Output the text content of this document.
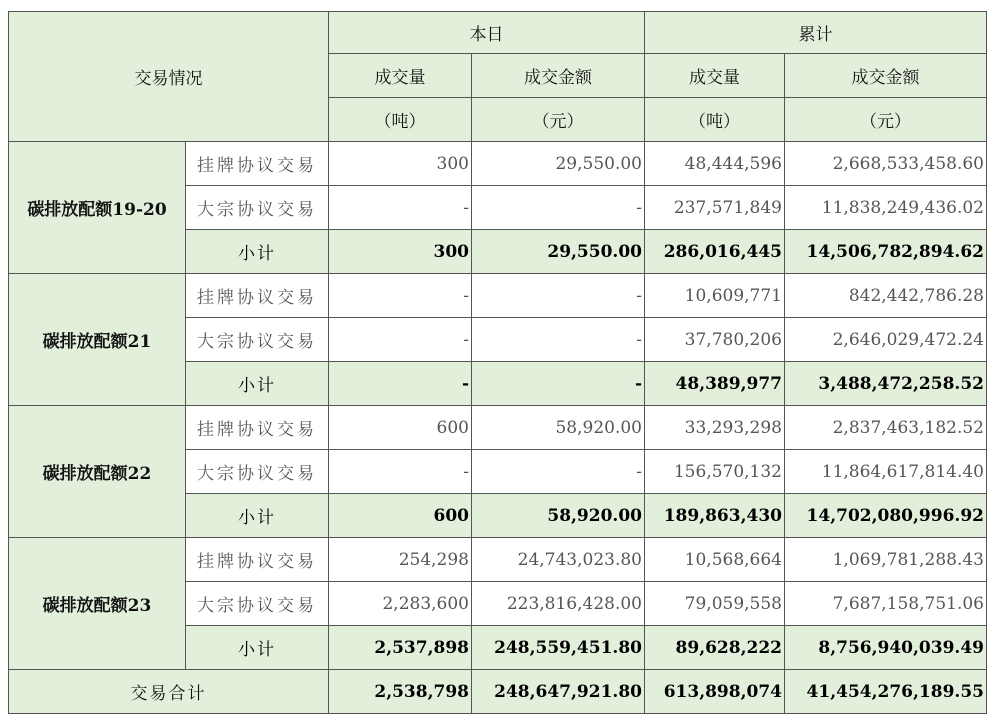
交易情况		本日		累计	
		成交量	成交金额	成交量	成交金额
		（吨）	（元）	（吨）	（元）
碳排放配额19-20	挂牌协议交易	300	29,550.00	48,444,596	2,668,533,458.60
	大宗协议交易	-	-	237,571,849	11,838,249,436.02
	小计	300	29,550.00	286,016,445	14,506,782,894.62
碳排放配额21	挂牌协议交易	-	-	10,609,771	842,442,786.28
	大宗协议交易	-	-	37,780,206	2,646,029,472.24
	小计	-	-	48,389,977	3,488,472,258.52
碳排放配额22	挂牌协议交易	600	58,920.00	33,293,298	2,837,463,182.52
	大宗协议交易	-	-	156,570,132	11,864,617,814.40
	小计	600	58,920.00	189,863,430	14,702,080,996.92
碳排放配额23	挂牌协议交易	254,298	24,743,023.80	10,568,664	1,069,781,288.43
	大宗协议交易	2,283,600	223,816,428.00	79,059,558	7,687,158,751.06
	小计	2,537,898	248,559,451.80	89,628,222	8,756,940,039.49
交易合计		2,538,798	248,647,921.80	613,898,074	41,454,276,189.55
